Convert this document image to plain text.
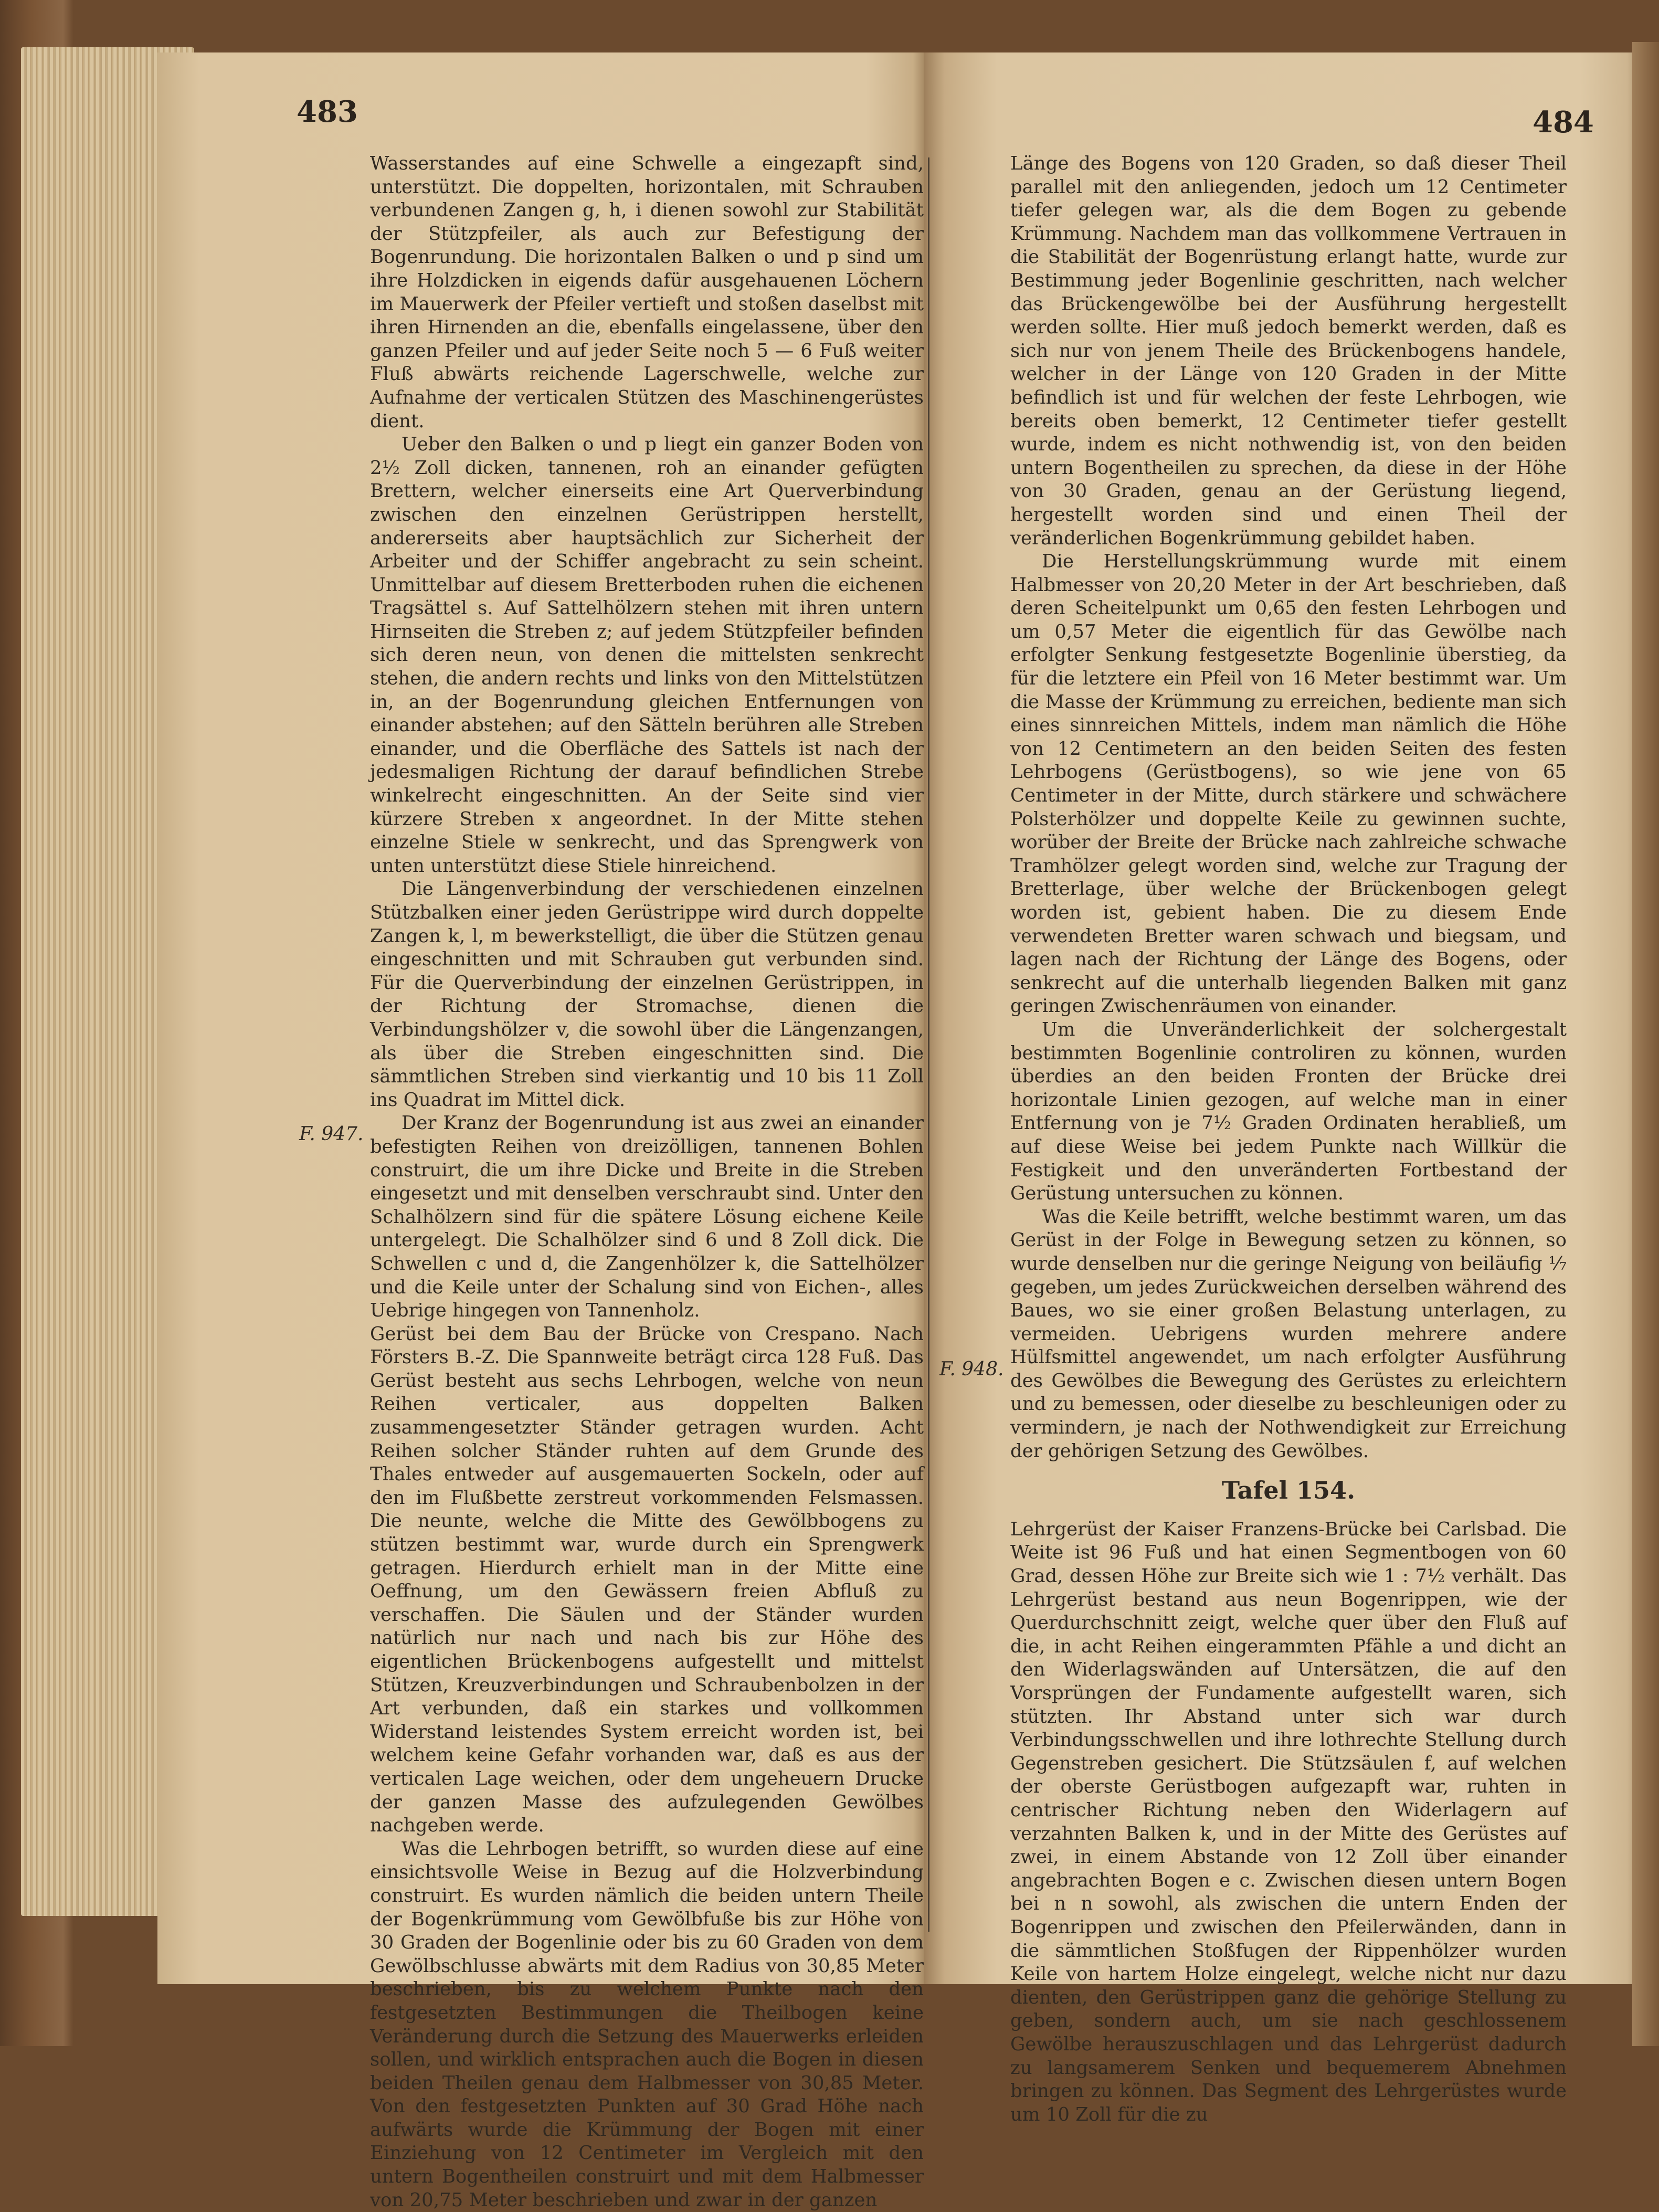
483	484

Wasserstandes auf eine Schwelle a eingezapft sind, unterstützt. Die doppelten, horizontalen, mit Schrauben verbundenen Zangen g, h, i dienen sowohl zur Stabilität der Stützpfeiler, als auch zur Befestigung der Bogenrundung. Die horizontalen Balken o und p sind um ihre Holzdicken in eigends dafür ausgehauenen Löchern im Mauerwerk der Pfeiler vertieft und stoßen daselbst mit ihren Hirnenden an die, ebenfalls eingelassene, über den ganzen Pfeiler und auf jeder Seite noch 5 — 6 Fuß weiter Fluß abwärts reichende Lagerschwelle, welche zur Aufnahme der verticalen Stützen des Maschinengerüstes dient.

Ueber den Balken o und p liegt ein ganzer Boden von 2½ Zoll dicken, tannenen, roh an einander gefügten Brettern, welcher einerseits eine Art Querverbindung zwischen den einzelnen Gerüstrippen herstellt, andererseits aber hauptsächlich zur Sicherheit der Arbeiter und der Schiffer angebracht zu sein scheint. Unmittelbar auf diesem Bretterboden ruhen die eichenen Tragsättel s. Auf Sattelhölzern stehen mit ihren untern Hirnseiten die Streben z; auf jedem Stützpfeiler befinden sich deren neun, von denen die mittelsten senkrecht stehen, die andern rechts und links von den Mittelstützen in, an der Bogenrundung gleichen Entfernungen von einander abstehen; auf den Sätteln berühren alle Streben einander, und die Oberfläche des Sattels ist nach der jedesmaligen Richtung der darauf befindlichen Strebe winkelrecht eingeschnitten. An der Seite sind vier kürzere Streben x angeordnet. In der Mitte stehen einzelne Stiele w senkrecht, und das Sprengwerk von unten unterstützt diese Stiele hinreichend.

Die Längenverbindung der verschiedenen einzelnen Stützbalken einer jeden Gerüstrippe wird durch doppelte Zangen k, l, m bewerkstelligt, die über die Stützen genau eingeschnitten und mit Schrauben gut verbunden sind. Für die Querverbindung der einzelnen Gerüstrippen, in der Richtung der Stromachse, dienen die Verbindungshölzer v, die sowohl über die Längenzangen, als über die Streben eingeschnitten sind. Die sämmtlichen Streben sind vierkantig und 10 bis 11 Zoll ins Quadrat im Mittel dick.

Der Kranz der Bogenrundung ist aus zwei an einander befestigten Reihen von dreizölligen, tannenen Bohlen construirt, die um ihre Dicke und Breite in die Streben eingesetzt und mit denselben verschraubt sind. Unter den Schalhölzern sind für die spätere Lösung eichene Keile untergelegt. Die Schalhölzer sind 6 und 8 Zoll dick. Die Schwellen c und d, die Zangenhölzer k, die Sattelhölzer und die Keile unter der Schalung sind von Eichen-, alles Uebrige hingegen von Tannenholz.

Gerüst bei dem Bau der Brücke von Crespano. Nach Försters B.-Z. Die Spannweite beträgt circa 128 Fuß. Das Gerüst besteht aus sechs Lehrbogen, welche von neun Reihen verticaler, aus doppelten Balken zusammengesetzter Ständer getragen wurden. Acht Reihen solcher Ständer ruhten auf dem Grunde des Thales entweder auf ausgemauerten Sockeln, oder auf den im Flußbette zerstreut vorkommenden Felsmassen. Die neunte, welche die Mitte des Gewölbbogens zu stützen bestimmt war, wurde durch ein Sprengwerk getragen. Hierdurch erhielt man in der Mitte eine Oeffnung, um den Gewässern freien Abfluß zu verschaffen. Die Säulen und der Ständer wurden natürlich nur nach und nach bis zur Höhe des eigentlichen Brückenbogens aufgestellt und mittelst Stützen, Kreuzverbindungen und Schraubenbolzen in der Art verbunden, daß ein starkes und vollkommen Widerstand leistendes System erreicht worden ist, bei welchem keine Gefahr vorhanden war, daß es aus der verticalen Lage weichen, oder dem ungeheuern Drucke der ganzen Masse des aufzulegenden Gewölbes nachgeben werde.

Was die Lehrbogen betrifft, so wurden diese auf eine einsichtsvolle Weise in Bezug auf die Holzverbindung construirt. Es wurden nämlich die beiden untern Theile der Bogenkrümmung vom Gewölbfuße bis zur Höhe von 30 Graden der Bogenlinie oder bis zu 60 Graden von dem Gewölbschlusse abwärts mit dem Radius von 30,85 Meter beschrieben, bis zu welchem Punkte nach den festgesetzten Bestimmungen die Theilbogen keine Veränderung durch die Setzung des Mauerwerks erleiden sollen, und wirklich entsprachen auch die Bogen in diesen beiden Theilen genau dem Halbmesser von 30,85 Meter. Von den festgesetzten Punkten auf 30 Grad Höhe nach aufwärts wurde die Krümmung der Bogen mit einer Einziehung von 12 Centimeter im Vergleich mit den untern Bogentheilen construirt und mit dem Halbmesser von 20,75 Meter beschrieben und zwar in der ganzen

F. 947.

Länge des Bogens von 120 Graden, so daß dieser Theil parallel mit den anliegenden, jedoch um 12 Centimeter tiefer gelegen war, als die dem Bogen zu gebende Krümmung. Nachdem man das vollkommene Vertrauen in die Stabilität der Bogenrüstung erlangt hatte, wurde zur Bestimmung jeder Bogenlinie geschritten, nach welcher das Brückengewölbe bei der Ausführung hergestellt werden sollte. Hier muß jedoch bemerkt werden, daß es sich nur von jenem Theile des Brückenbogens handele, welcher in der Länge von 120 Graden in der Mitte befindlich ist und für welchen der feste Lehrbogen, wie bereits oben bemerkt, 12 Centimeter tiefer gestellt wurde, indem es nicht nothwendig ist, von den beiden untern Bogentheilen zu sprechen, da diese in der Höhe von 30 Graden, genau an der Gerüstung liegend, hergestellt worden sind und einen Theil der veränderlichen Bogenkrümmung gebildet haben.

Die Herstellungskrümmung wurde mit einem Halbmesser von 20,20 Meter in der Art beschrieben, daß deren Scheitelpunkt um 0,65 den festen Lehrbogen und um 0,57 Meter die eigentlich für das Gewölbe nach erfolgter Senkung festgesetzte Bogenlinie überstieg, da für die letztere ein Pfeil von 16 Meter bestimmt war. Um die Masse der Krümmung zu erreichen, bediente man sich eines sinnreichen Mittels, indem man nämlich die Höhe von 12 Centimetern an den beiden Seiten des festen Lehrbogens (Gerüstbogens), so wie jene von 65 Centimeter in der Mitte, durch stärkere und schwächere Polsterhölzer und doppelte Keile zu gewinnen suchte, worüber der Breite der Brücke nach zahlreiche schwache Tramhölzer gelegt worden sind, welche zur Tragung der Bretterlage, über welche der Brückenbogen gelegt worden ist, gebient haben. Die zu diesem Ende verwendeten Bretter waren schwach und biegsam, und lagen nach der Richtung der Länge des Bogens, oder senkrecht auf die unterhalb liegenden Balken mit ganz geringen Zwischenräumen von einander.

Um die Unveränderlichkeit der solchergestalt bestimmten Bogenlinie controliren zu können, wurden überdies an den beiden Fronten der Brücke drei horizontale Linien gezogen, auf welche man in einer Entfernung von je 7½ Graden Ordinaten herabließ, um auf diese Weise bei jedem Punkte nach Willkür die Festigkeit und den unveränderten Fortbestand der Gerüstung untersuchen zu können.

Was die Keile betrifft, welche bestimmt waren, um das Gerüst in der Folge in Bewegung setzen zu können, so wurde denselben nur die geringe Neigung von beiläufig ⅐ gegeben, um jedes Zurückweichen derselben während des Baues, wo sie einer großen Belastung unterlagen, zu vermeiden. Uebrigens wurden mehrere andere Hülfsmittel angewendet, um nach erfolgter Ausführung des Gewölbes die Bewegung des Gerüstes zu erleichtern und zu bemessen, oder dieselbe zu beschleunigen oder zu vermindern, je nach der Nothwendigkeit zur Erreichung der gehörigen Setzung des Gewölbes.

Tafel 154.

Lehrgerüst der Kaiser Franzens-Brücke bei Carlsbad. Die Weite ist 96 Fuß und hat einen Segmentbogen von 60 Grad, dessen Höhe zur Breite sich wie 1 : 7½ verhält. Das Lehrgerüst bestand aus neun Bogenrippen, wie der Querdurchschnitt zeigt, welche quer über den Fluß auf die, in acht Reihen eingerammten Pfähle a und dicht an den Widerlagswänden auf Untersätzen, die auf den Vorsprüngen der Fundamente aufgestellt waren, sich stützten. Ihr Abstand unter sich war durch Verbindungsschwellen und ihre lothrechte Stellung durch Gegenstreben gesichert. Die Stützsäulen f, auf welchen der oberste Gerüstbogen aufgezapft war, ruhten in centrischer Richtung neben den Widerlagern auf verzahnten Balken k, und in der Mitte des Gerüstes auf zwei, in einem Abstande von 12 Zoll über einander angebrachten Bogen e c. Zwischen diesen untern Bogen bei n n sowohl, als zwischen die untern Enden der Bogenrippen und zwischen den Pfeilerwänden, dann in die sämmtlichen Stoßfugen der Rippenhölzer wurden Keile von hartem Holze eingelegt, welche nicht nur dazu dienten, den Gerüstrippen ganz die gehörige Stellung zu geben, sondern auch, um sie nach geschlossenem Gewölbe herauszuschlagen und das Lehrgerüst dadurch zu langsamerem Senken und bequemerem Abnehmen bringen zu können. Das Segment des Lehrgerüstes wurde um 10 Zoll für die zu

F. 948.
